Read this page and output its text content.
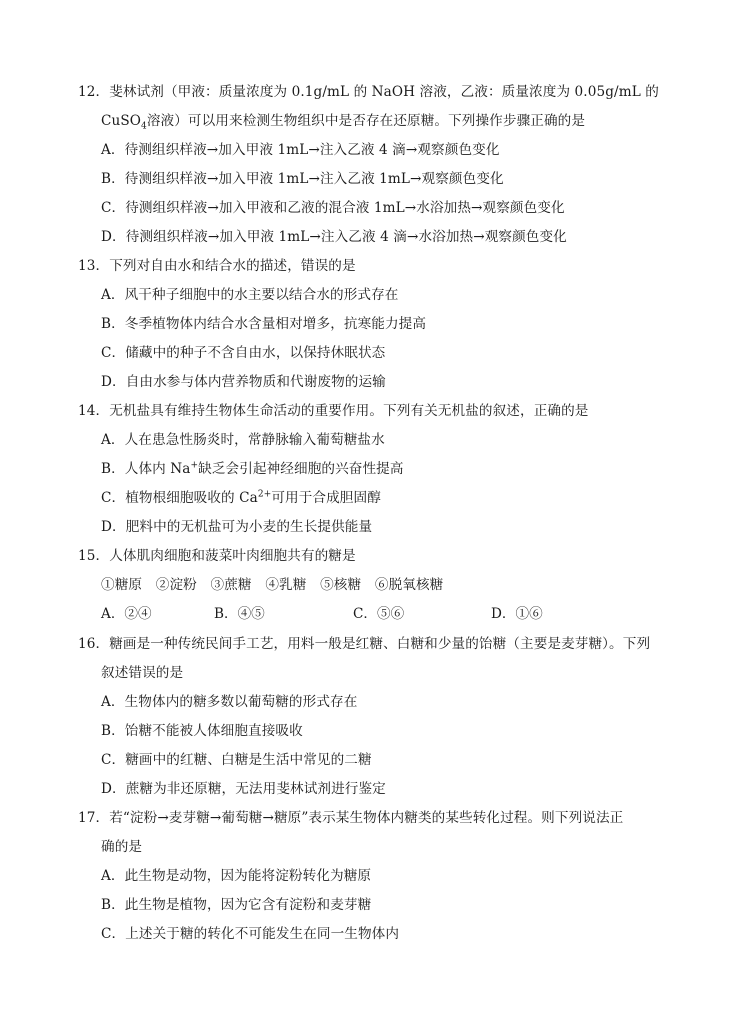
12．斐林试剂（甲液：质量浓度为 0.1g/mL 的 NaOH 溶液，乙液：质量浓度为 0.05g/mL 的
CuSO$_4$溶液）可以用来检测生物组织中是否存在还原糖。下列操作步骤正确的是
A．待测组织样液→加入甲液 1mL→注入乙液 4 滴→观察颜色变化
B．待测组织样液→加入甲液 1mL→注入乙液 1mL→观察颜色变化
C．待测组织样液→加入甲液和乙液的混合液 1mL→水浴加热→观察颜色变化
D．待测组织样液→加入甲液 1mL→注入乙液 4 滴→水浴加热→观察颜色变化
13．下列对自由水和结合水的描述，错误的是
A．风干种子细胞中的水主要以结合水的形式存在
B．冬季植物体内结合水含量相对增多，抗寒能力提高
C．储藏中的种子不含自由水，以保持休眠状态
D．自由水参与体内营养物质和代谢废物的运输
14．无机盐具有维持生物体生命活动的重要作用。下列有关无机盐的叙述，正确的是
A．人在患急性肠炎时，常静脉输入葡萄糖盐水
B．人体内 Na+缺乏会引起神经细胞的兴奋性提高
C．植物根细胞吸收的 $Ca^{2+}$可用于合成胆固醇
D．肥料中的无机盐可为小麦的生长提供能量
15．人体肌肉细胞和菠菜叶肉细胞共有的糖是
①糖原　②淀粉　③蔗糖　④乳糖　⑤核糖　⑥脱氧核糖
A．②④	B．④⑤	C．⑤⑥	D．①⑥
16．糖画是一种传统民间手工艺，用料一般是红糖、白糖和少量的饴糖（主要是麦芽糖）。下列
叙述错误的是
A．生物体内的糖多数以葡萄糖的形式存在
B．饴糖不能被人体细胞直接吸收
C．糖画中的红糖、白糖是生活中常见的二糖
D．蔗糖为非还原糖，无法用斐林试剂进行鉴定
17．若“淀粉→麦芽糖→葡萄糖→糖原”表示某生物体内糖类的某些转化过程。则下列说法正
确的是
A．此生物是动物，因为能将淀粉转化为糖原
B．此生物是植物，因为它含有淀粉和麦芽糖
C．上述关于糖的转化不可能发生在同一生物体内
